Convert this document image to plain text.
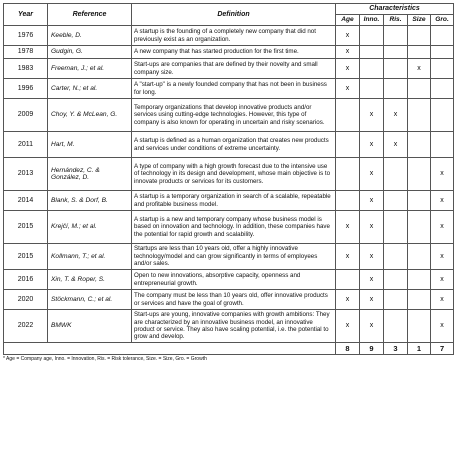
Year	Reference	Definition	Characteristics				
			Age	Inno.	Ris.	Size	Gro.
1976	Keeble, D.	A startup is the founding of a completely new company that did not previously exist as an organization.	x				
1978	Gudgin, G.	A new company that has started production for the first time.	x				
1983	Freeman, J.; et al.	Start-ups are companies that are defined by their novelty and small company size.	x			x	
1996	Carter, N.; et al.	A "start-up" is a newly founded company that has not been in business for long.	x				
2009	Choy, Y. & McLean, G.	Temporary organizations that develop innovative products and/or services using cutting-edge technologies. However, this type of company is also known for operating in uncertain and risky scenarios.		x	x		
2011	Hart, M.	A startup is defined as a human organization that creates new products and services under conditions of extreme uncertainty.		x	x		
2013	Hernández, C. & González, D.	A type of company with a high growth forecast due to the intensive use of technology in its design and development, whose main objective is to innovate products or services for its customers.		x			x
2014	Blank, S. & Dorf, B.	A startup is a temporary organization in search of a scalable, repeatable and profitable business model.		x			x
2015	Krejčí, M.; et al.	A startup is a new and temporary company whose business model is based on innovation and technology. In addition, these companies have the potential for rapid growth and scalability.	x	x			x
2015	Kollmann, T.; et al.	Startups are less than 10 years old, offer a highly innovative technology/model and can grow significantly in terms of employees and/or sales.	x	x			x
2016	Xin, T. & Roper, S.	Open to new innovations, absorptive capacity, openness and entrepreneurial growth.		x			x
2020	Stöckmann, C.; et al.	The company must be less than 10 years old, offer innovative products or services and have the goal of growth.	x	x			x
2022	BMWK	Start-ups are young, innovative companies with growth ambitions: They are characterized by an innovative business model, an innovative product or service. They also have scaling potential, i.e. the potential to grow and develop.	x	x			x
			8	9	3	1	7
* Age = Company age, Inno. = Innovation, Ris. = Risk tolerance, Size. = Size, Gro. = Growth
